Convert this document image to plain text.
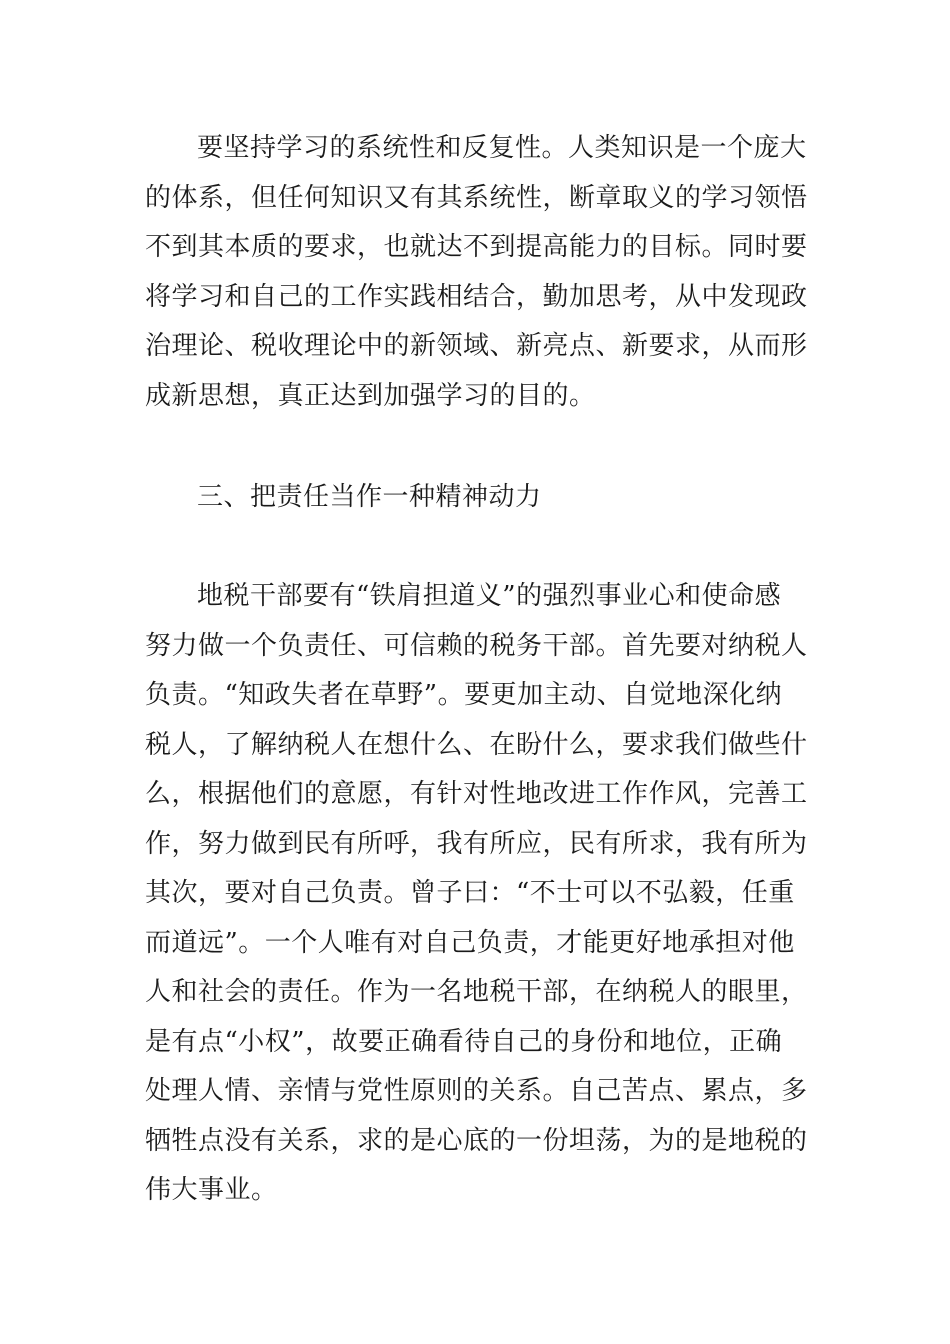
要坚持学习的系统性和反复性。人类知识是一个庞大
的体系，但任何知识又有其系统性，断章取义的学习领悟
不到其本质的要求，也就达不到提高能力的目标。同时要
将学习和自己的工作实践相结合，勤加思考，从中发现政
治理论、税收理论中的新领域、新亮点、新要求，从而形
成新思想，真正达到加强学习的目的。
三、把责任当作一种精神动力
地税干部要有“铁肩担道义”的强烈事业心和使命感
努力做一个负责任、可信赖的税务干部。首先要对纳税人
负责。“知政失者在草野”。要更加主动、自觉地深化纳
税人，了解纳税人在想什么、在盼什么，要求我们做些什
么，根据他们的意愿，有针对性地改进工作作风，完善工
作，努力做到民有所呼，我有所应，民有所求，我有所为
其次，要对自己负责。曾子曰：“不士可以不弘毅，任重
而道远”。一个人唯有对自己负责，才能更好地承担对他
人和社会的责任。作为一名地税干部，在纳税人的眼里，
是有点“小权”，故要正确看待自己的身份和地位，正确
处理人情、亲情与党性原则的关系。自己苦点、累点，多
牺牲点没有关系，求的是心底的一份坦荡，为的是地税的
伟大事业。
